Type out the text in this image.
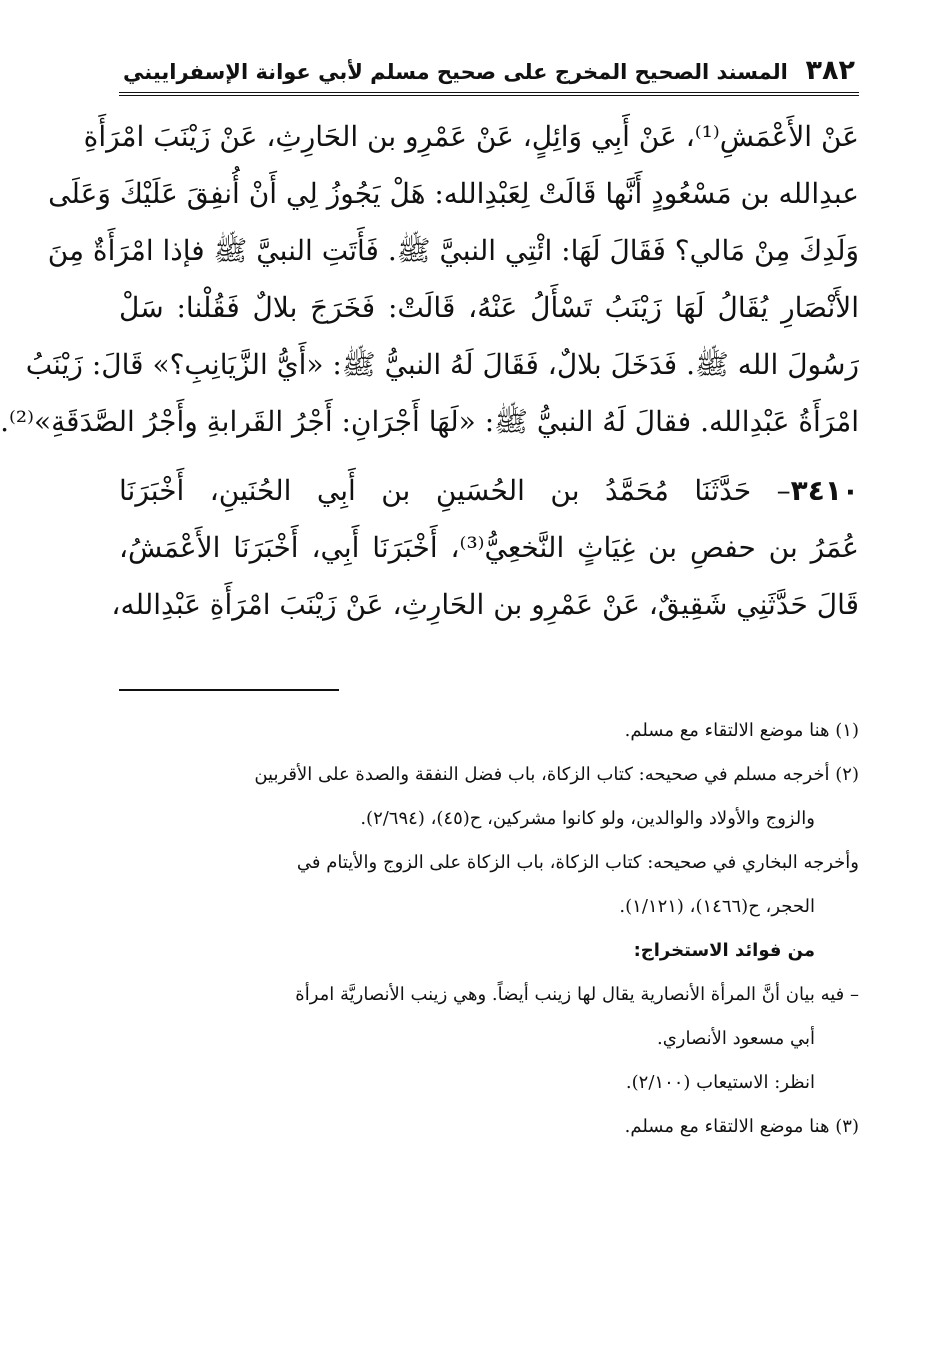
٣٨٢
المسند الصحيح المخرج على صحيح مسلم لأبي عوانة الإسفراييني
عَنْ الأَعْمَشِ⁽¹⁾، عَنْ أَبِي وَائِلٍ، عَنْ عَمْرِو بن الحَارِثِ، عَنْ زَيْنَبَ امْرَأَةِ
عبدِالله بن مَسْعُودٍ أَنَّها قَالَتْ لِعَبْدِالله: هَلْ يَجُوزُ لِي أَنْ أُنفِقَ عَلَيْكَ وَعَلَى
وَلَدِكَ مِنْ مَالي؟ فَقَالَ لَهَا: ائْتِي النبيَّ ﷺ. فَأَتَتِ النبيَّ ﷺ فإذا امْرَأَةٌ مِنَ
الأَنْصَارِ يُقَالُ لَهَا زَيْنَبُ تَسْأَلُ عَنْهُ، قَالَتْ: فَخَرَجَ بلالٌ فَقُلْنا: سَلْ
رَسُولَ الله ﷺ. فَدَخَلَ بلالٌ، فَقَالَ لَهُ النبيُّ ﷺ: «أَيُّ الزَّيَانِبِ؟» قَالَ: زَيْنَبُ
امْرَأَةُ عَبْدِالله. فقالَ لَهُ النبيُّ ﷺ: «لَهَا أَجْرَانِ: أَجْرُ القَرابةِ وأَجْرُ الصَّدَقَةِ»⁽²⁾.
٣٤١٠– حَدَّثَنَا مُحَمَّدُ بن الحُسَينِ بن أَبِي الحُنَينِ، أَخْبَرَنَا
عُمَرُ بن حفصِ بن غِيَاثٍ النَّخعِيُّ⁽³⁾، أَخْبَرَنَا أَبِي، أَخْبَرَنَا الأَعْمَشُ،
قَالَ حَدَّثَنِي شَقِيقٌ، عَنْ عَمْرِو بن الحَارِثِ، عَنْ زَيْنَبَ امْرَأَةِ عَبْدِالله،
(١) هنا موضع الالتقاء مع مسلم.
(٢) أخرجه مسلم في صحيحه: كتاب الزكاة، باب فضل النفقة والصدة على الأقربين
والزوج والأولاد والوالدين، ولو كانوا مشركين، ح(٤٥)، (٢/٦٩٤).
وأخرجه البخاري في صحيحه: كتاب الزكاة، باب الزكاة على الزوج والأيتام في
الحجر، ح(١٤٦٦)، (١/١٢١).
من فوائد الاستخراج:
– فيه بيان أنَّ المرأة الأنصارية يقال لها زينب أيضاً. وهي زينب الأنصاريَّة امرأة
أبي مسعود الأنصاري.
انظر: الاستيعاب (٢/١٠٠).
(٣) هنا موضع الالتقاء مع مسلم.
